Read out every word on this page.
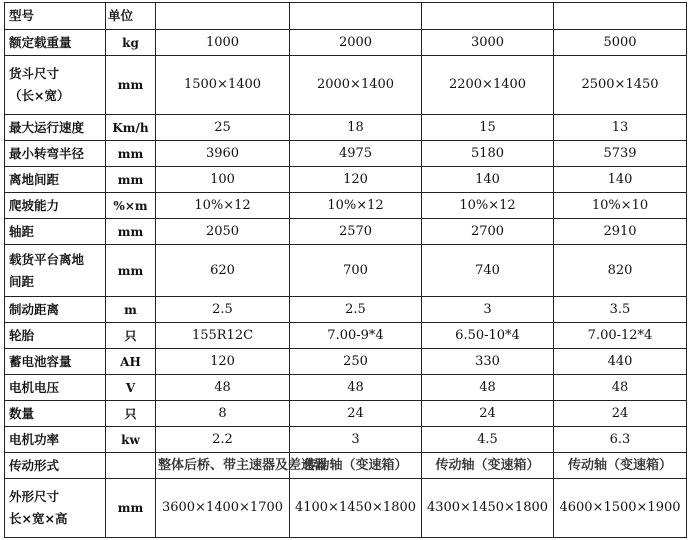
型号	单位				

额定载重量	kg	1000	2000	3000	5000

货斗尺寸
（长×宽）	mm	1500×1400	2000×1400	2200×1400	2500×1450

最大运行速度	Km/h	25	18	15	13

最小转弯半径	mm	3960	4975	5180	5739

离地间距	mm	100	120	140	140

爬坡能力	%×m	10%×12	10%×12	10%×12	10%×10

轴距	mm	2050	2570	2700	2910

载货平台离地
间距	mm	620	700	740	820

制动距离	m	2.5	2.5	3	3.5

轮胎	只	155R12C	7.00-9*4	6.50-10*4	7.00-12*4

蓄电池容量	AH	120	250	330	440

电机电压	V	48	48	48	48

数量	只	8	24	24	24

电机功率	kw	2.2	3	4.5	6.3

传动形式		整体后桥、带主速器及差速器	传动轴（变速箱）	传动轴（变速箱）	传动轴（变速箱）

外形尺寸
长×宽×高	mm	3600×1400×1700	4100×1450×1800	4300×1450×1800	4600×1500×1900
